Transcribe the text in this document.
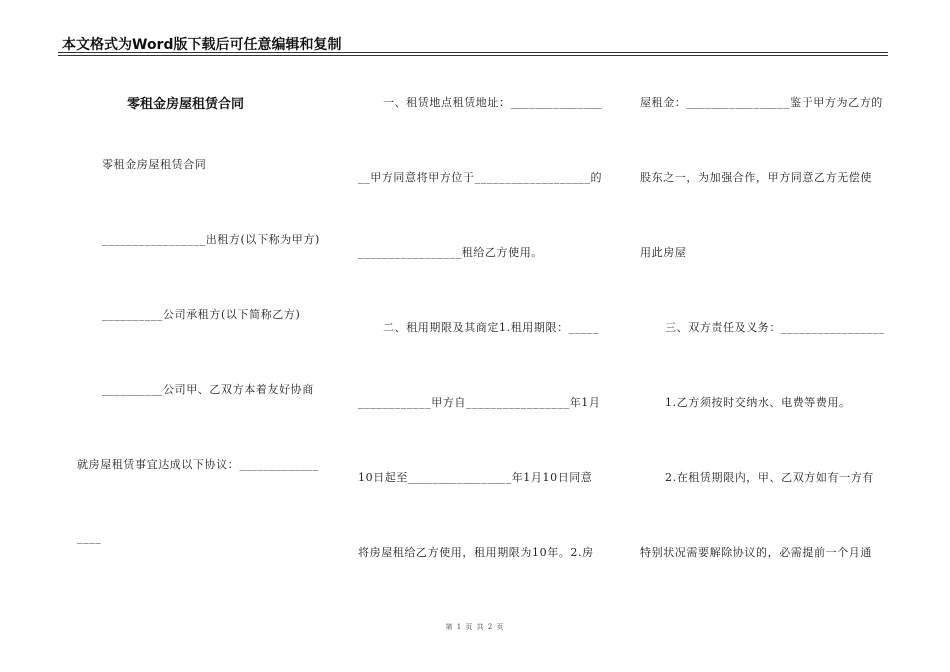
本文格式为Word版下载后可任意编辑和复制
零租金房屋租赁合同
零租金房屋租赁合同
_________________出租方(以下称为甲方)
__________公司承租方(以下简称乙方)
__________公司甲、乙双方本着友好协商
就房屋租赁事宜达成以下协议：_____________
____
一、租赁地点租赁地址：_______________
__甲方同意将甲方位于___________________的
_________________租给乙方使用。
二、租用期限及其商定1.租用期限：_____
____________甲方自_________________年1月
10日起至_________________年1月10日同意
将房屋租给乙方使用，租用期限为10年。2.房
屋租金：_________________鉴于甲方为乙方的
股东之一，为加强合作，甲方同意乙方无偿使
用此房屋
三、双方责任及义务：_________________
1.乙方须按时交纳水、电费等费用。
2.在租赁期限内，甲、乙双方如有一方有
特别状况需要解除协议的，必需提前一个月通
第 1 页 共 2 页
